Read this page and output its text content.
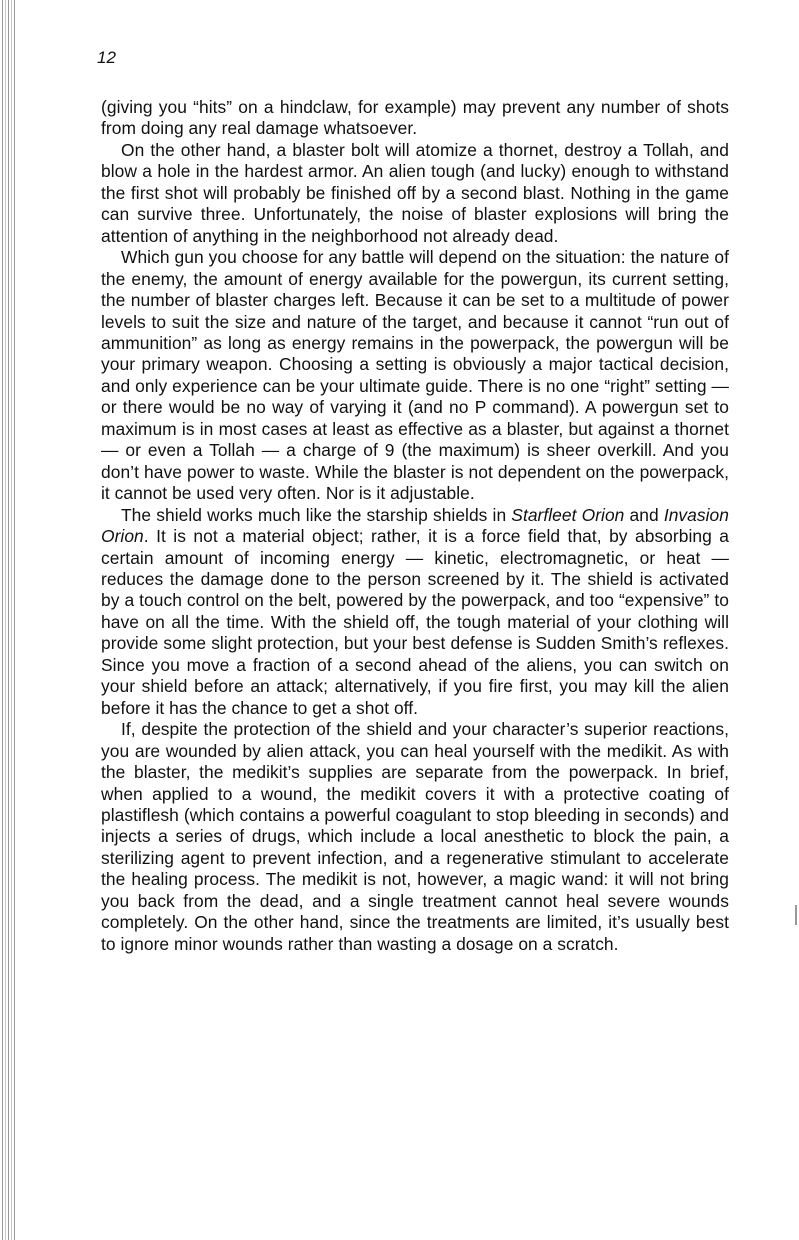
12

(giving you “hits” on a hindclaw, for example) may prevent any number of shots from doing any real damage whatsoever.

On the other hand, a blaster bolt will atomize a thornet, destroy a Tollah, and blow a hole in the hardest armor. An alien tough (and lucky) enough to withstand the first shot will probably be finished off by a second blast. Nothing in the game can survive three. Unfortunately, the noise of blaster explosions will bring the attention of anything in the neighborhood not already dead.

Which gun you choose for any battle will depend on the situation: the nature of the enemy, the amount of energy available for the powergun, its current setting, the number of blaster charges left. Because it can be set to a multitude of power levels to suit the size and nature of the target, and because it cannot “run out of ammunition” as long as energy remains in the powerpack, the powergun will be your primary weapon. Choosing a setting is obviously a major tactical decision, and only experience can be your ultimate guide. There is no one “right” setting — or there would be no way of varying it (and no P command). A powergun set to maximum is in most cases at least as effective as a blaster, but against a thornet — or even a Tollah — a charge of 9 (the maximum) is sheer overkill. And you don’t have power to waste. While the blaster is not dependent on the powerpack, it cannot be used very often. Nor is it adjustable.

The shield works much like the starship shields in Starfleet Orion and Invasion Orion. It is not a material object; rather, it is a force field that, by absorbing a certain amount of incoming energy — kinetic, electromagnetic, or heat — reduces the damage done to the person screened by it. The shield is activated by a touch control on the belt, powered by the powerpack, and too “expensive” to have on all the time. With the shield off, the tough material of your clothing will provide some slight protection, but your best defense is Sudden Smith’s reflexes. Since you move a fraction of a second ahead of the aliens, you can switch on your shield before an attack; alternatively, if you fire first, you may kill the alien before it has the chance to get a shot off.

If, despite the protection of the shield and your character’s superior reactions, you are wounded by alien attack, you can heal yourself with the medikit. As with the blaster, the medikit’s supplies are separate from the powerpack. In brief, when applied to a wound, the medikit covers it with a protective coating of plastiflesh (which contains a powerful coagulant to stop bleeding in seconds) and injects a series of drugs, which include a local anesthetic to block the pain, a sterilizing agent to prevent infection, and a regenerative stimulant to accelerate the healing process. The medikit is not, however, a magic wand: it will not bring you back from the dead, and a single treatment cannot heal severe wounds completely. On the other hand, since the treatments are limited, it’s usually best to ignore minor wounds rather than wasting a dosage on a scratch.
